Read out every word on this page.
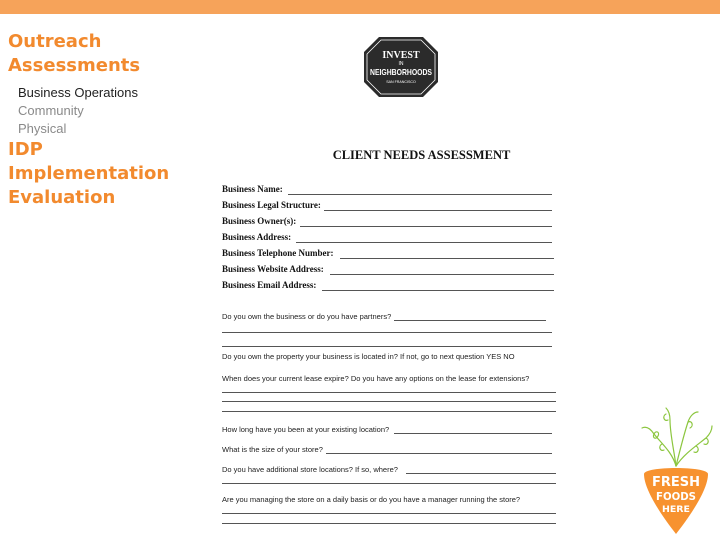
Outreach
Assessments
Business Operations
Community
Physical
IDP
Implementation
Evaluation
INVEST
IN
NEIGHBORHOODS
SAN FRANCISCO
CLIENT NEEDS ASSESSMENT
Business Name:
Business Legal Structure:
Business Owner(s):
Business Address:
Business Telephone Number:
Business Website Address:
Business Email Address:
Do you own the business or do you have partners?
Do you own the property your business is located in? If not, go to next question YES NO
When does your current lease expire? Do you have any options on the lease for extensions?
How long have you been at your existing location?
What is the size of your store?
Do you have additional store locations? If so, where?
Are you managing the store on a daily basis or do you have a manager running the store?
FRESH
FOODS
HERE
